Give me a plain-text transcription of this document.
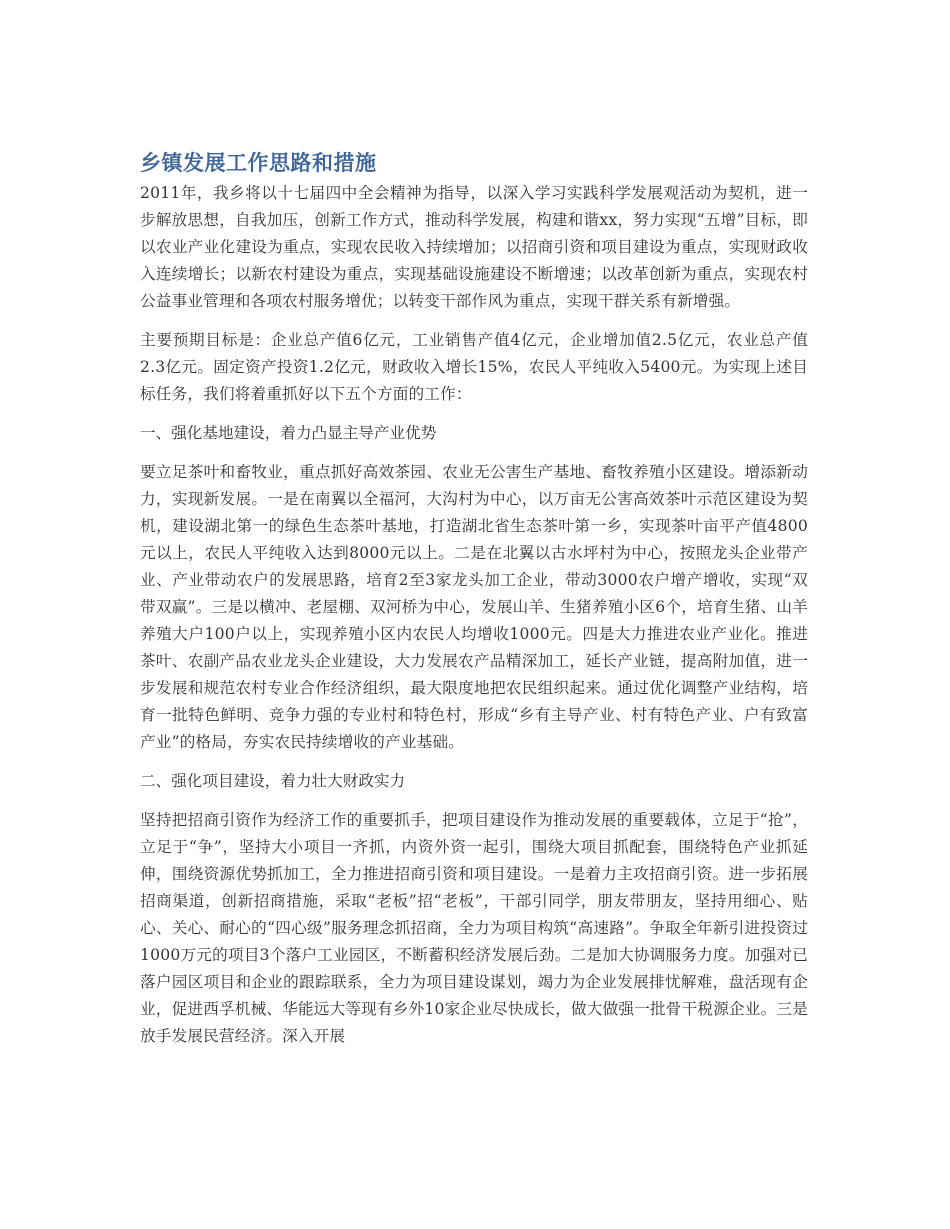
乡镇发展工作思路和措施

2011年，我乡将以十七届四中全会精神为指导，以深入学习实践科学发展观活动为契机，进一步解放思想，自我加压，创新工作方式，推动科学发展，构建和谐xx，努力实现“五增”目标，即以农业产业化建设为重点，实现农民收入持续增加；以招商引资和项目建设为重点，实现财政收入连续增长；以新农村建设为重点，实现基础设施建设不断增速；以改革创新为重点，实现农村公益事业管理和各项农村服务增优；以转变干部作风为重点，实现干群关系有新增强。

主要预期目标是：企业总产值6亿元，工业销售产值4亿元，企业增加值2.5亿元，农业总产值2.3亿元。固定资产投资1.2亿元，财政收入增长15%，农民人平纯收入5400元。为实现上述目标任务，我们将着重抓好以下五个方面的工作：

一、强化基地建设，着力凸显主导产业优势

要立足茶叶和畜牧业，重点抓好高效茶园、农业无公害生产基地、畜牧养殖小区建设。增添新动力，实现新发展。一是在南翼以全福河，大沟村为中心，以万亩无公害高效茶叶示范区建设为契机，建设湖北第一的绿色生态茶叶基地，打造湖北省生态茶叶第一乡，实现茶叶亩平产值4800元以上，农民人平纯收入达到8000元以上。二是在北翼以古水坪村为中心，按照龙头企业带产业、产业带动农户的发展思路，培育2至3家龙头加工企业，带动3000农户增产增收，实现“双带双赢”。三是以横冲、老屋棚、双河桥为中心，发展山羊、生猪养殖小区6个，培育生猪、山羊养殖大户100户以上，实现养殖小区内农民人均增收1000元。四是大力推进农业产业化。推进茶叶、农副产品农业龙头企业建设，大力发展农产品精深加工，延长产业链，提高附加值，进一步发展和规范农村专业合作经济组织，最大限度地把农民组织起来。通过优化调整产业结构，培育一批特色鲜明、竞争力强的专业村和特色村，形成“乡有主导产业、村有特色产业、户有致富产业”的格局，夯实农民持续增收的产业基础。

二、强化项目建设，着力壮大财政实力

坚持把招商引资作为经济工作的重要抓手，把项目建设作为推动发展的重要载体，立足于“抢”，立足于“争”，坚持大小项目一齐抓，内资外资一起引，围绕大项目抓配套，围绕特色产业抓延伸，围绕资源优势抓加工，全力推进招商引资和项目建设。一是着力主攻招商引资。进一步拓展招商渠道，创新招商措施，采取“老板”招“老板”，干部引同学，朋友带朋友，坚持用细心、贴心、关心、耐心的“四心级”服务理念抓招商，全力为项目构筑“高速路”。争取全年新引进投资过1000万元的项目3个落户工业园区，不断蓄积经济发展后劲。二是加大协调服务力度。加强对已落户园区项目和企业的跟踪联系，全力为项目建设谋划，竭力为企业发展排忧解难，盘活现有企业，促进西孚机械、华能远大等现有乡外10家企业尽快成长，做大做强一批骨干税源企业。三是放手发展民营经济。深入开展
